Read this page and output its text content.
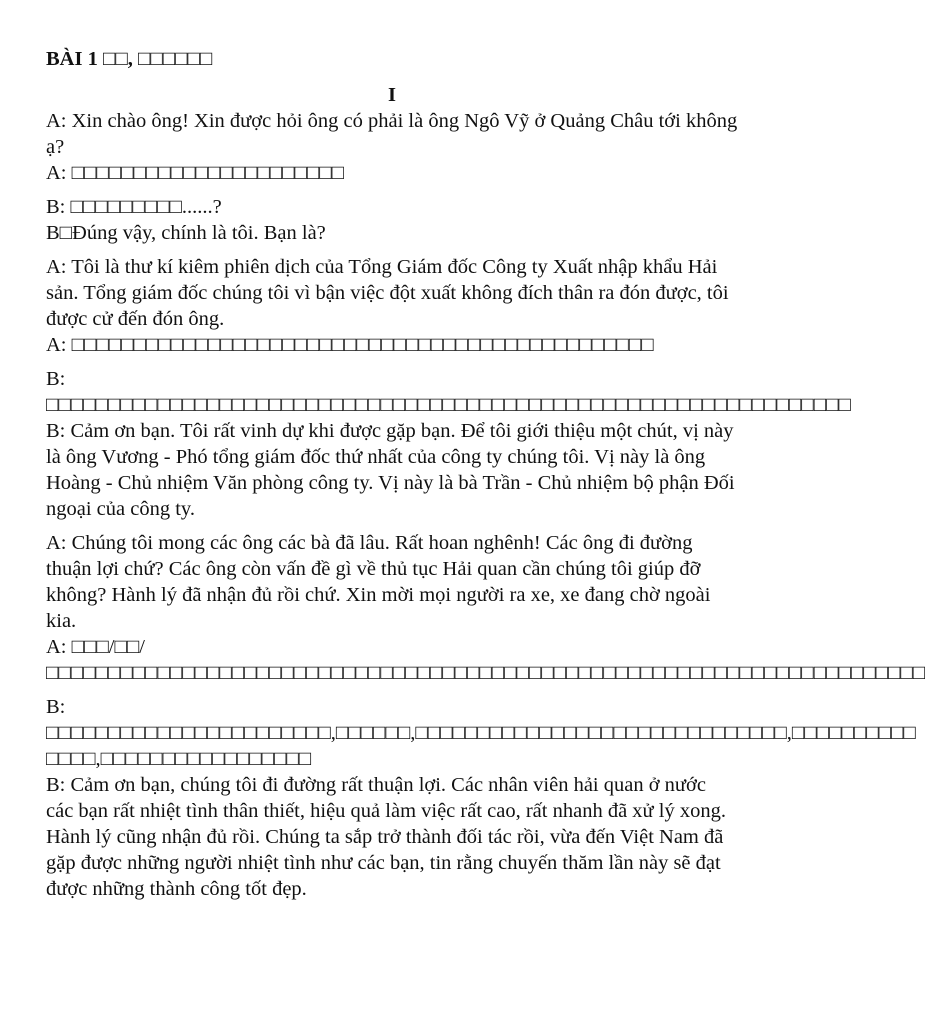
BÀI 1 □□, □□□□□□
I

A: Xin chào ông! Xin được hỏi ông có phải là ông Ngô Vỹ ở Quảng Châu tới không ạ?

A: □□□□□□□□□□□□□□□□□□□□□□

B: □□□□□□□□□......?

B□Đúng vậy, chính là tôi. Bạn là?

A: Tôi là thư kí kiêm phiên dịch của Tổng Giám đốc Công ty Xuất nhập khẩu Hải sản. Tổng giám đốc chúng tôi vì bận việc đột xuất không đích thân ra đón được, tôi được cử đến đón ông.

A: □□□□□□□□□□□□□□□□□□□□□□□□□□□□□□□□□□□□□□□□□□□□□□□

B: □□□□□□□□□□□□□□□□□□□□□□□□□□□□□□□□□□□□□□□□□□□□□□□□□□□□□□□□□□□□□□□□□

B: Cảm ơn bạn. Tôi rất vinh dự khi được gặp bạn. Để tôi giới thiệu một chút, vị này là ông Vương - Phó tổng giám đốc thứ nhất của công ty chúng tôi. Vị này là ông Hoàng - Chủ nhiệm Văn phòng công ty. Vị này là bà Trần - Chủ nhiệm bộ phận Đối ngoại của công ty.

A: Chúng tôi mong các ông các bà đã lâu. Rất hoan nghênh! Các ông đi đường thuận lợi chứ? Các ông còn vấn đề gì về thủ tục Hải quan cần chúng tôi giúp đỡ không? Hành lý đã nhận đủ rồi chứ. Xin mời mọi người ra xe, xe đang chờ ngoài kia.

A: □□□/□□/□□□□□□□□□□□□□□□□□□□□□□□□□□□□□□□□□□□□□□□□□□□□□□□□□□□□□□□□□□□□□□□□□□□□□□□

B: □□□□□□□□□□□□□□□□□□□□□□□,□□□□□□,□□□□□□□□□□□□□□□□□□□□□□□□□□□□□□,□□□□□□□□□□ □□□□,□□□□□□□□□□□□□□□□□

B: Cảm ơn bạn, chúng tôi đi đường rất thuận lợi. Các nhân viên hải quan ở nước các bạn rất nhiệt tình thân thiết, hiệu quả làm việc rất cao, rất nhanh đã xử lý xong. Hành lý cũng nhận đủ rồi. Chúng ta sắp trở thành đối tác rồi, vừa đến Việt Nam đã gặp được những người nhiệt tình như các bạn, tin rằng chuyến thăm lần này sẽ đạt được những thành công tốt đẹp.
